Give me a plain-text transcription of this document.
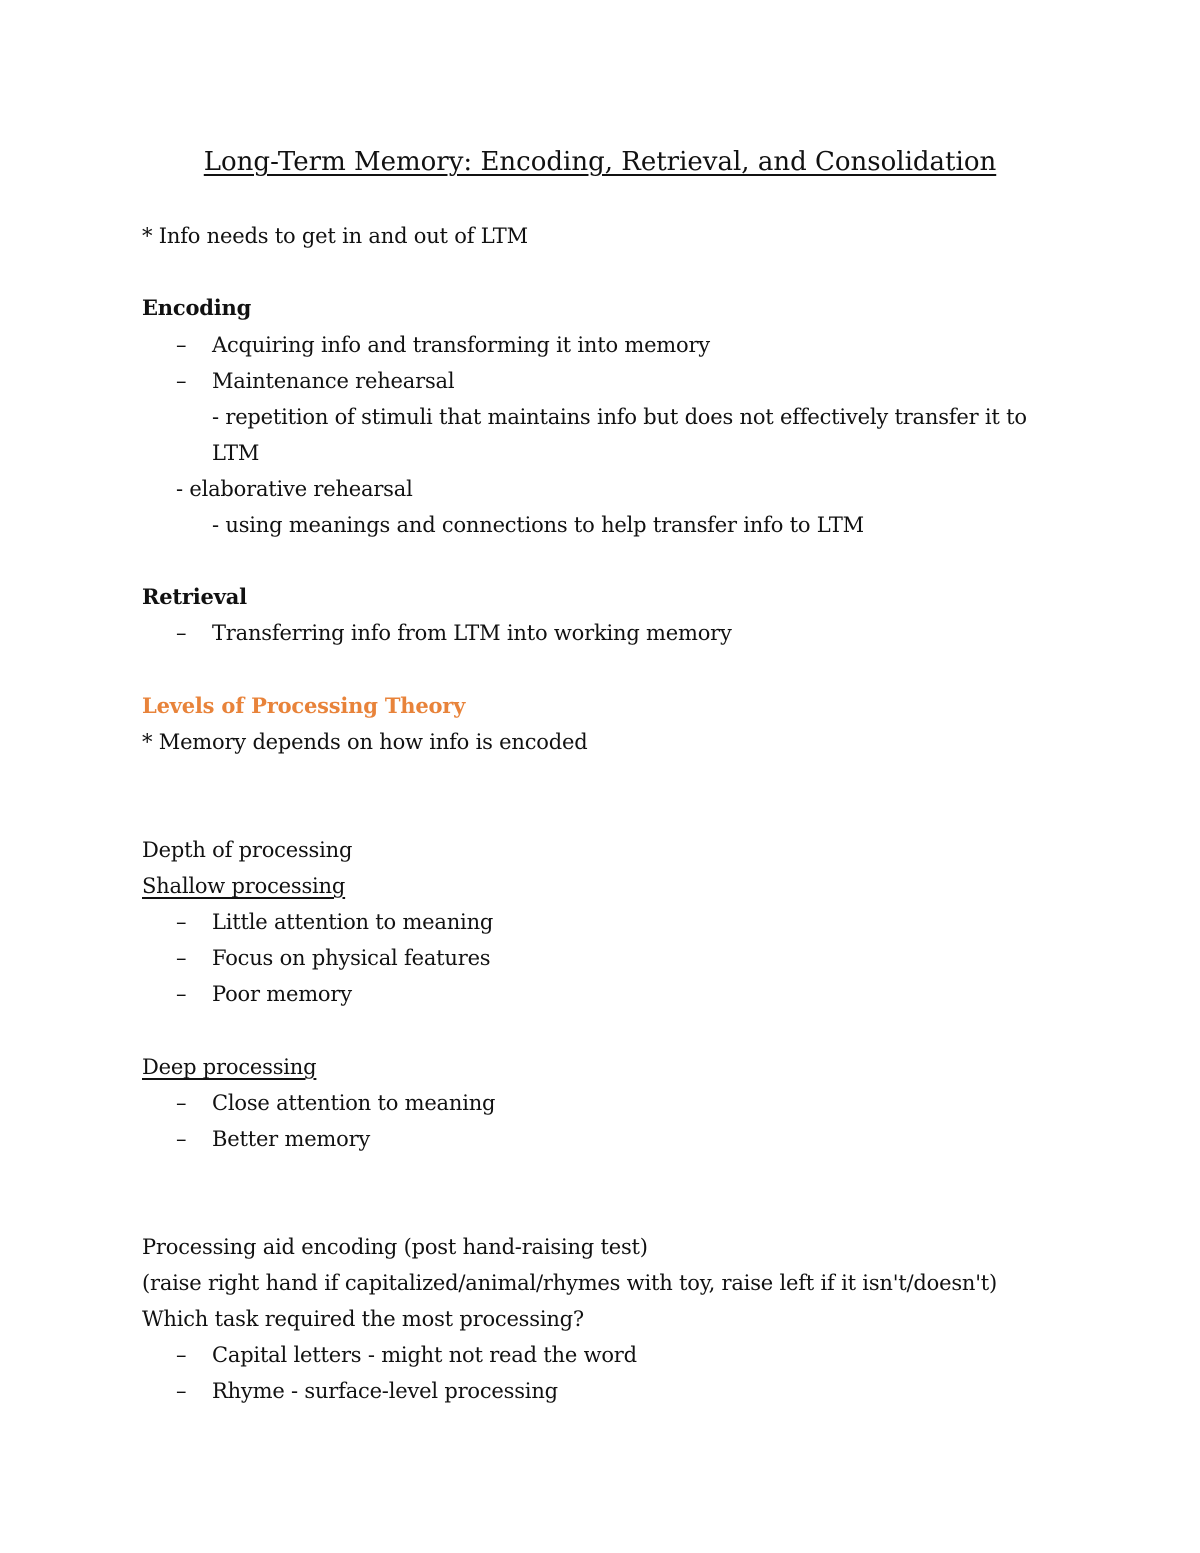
Long-Term Memory: Encoding, Retrieval, and Consolidation
* Info needs to get in and out of LTM
Encoding
– Acquiring info and transforming it into memory
– Maintenance rehearsal
- repetition of stimuli that maintains info but does not effectively transfer it to
LTM
- elaborative rehearsal
- using meanings and connections to help transfer info to LTM
Retrieval
– Transferring info from LTM into working memory
Levels of Processing Theory
* Memory depends on how info is encoded
Depth of processing
Shallow processing
– Little attention to meaning
– Focus on physical features
– Poor memory
Deep processing
– Close attention to meaning
– Better memory
Processing aid encoding (post hand-raising test)
(raise right hand if capitalized/animal/rhymes with toy, raise left if it isn't/doesn't)
Which task required the most processing?
– Capital letters - might not read the word
– Rhyme - surface-level processing
